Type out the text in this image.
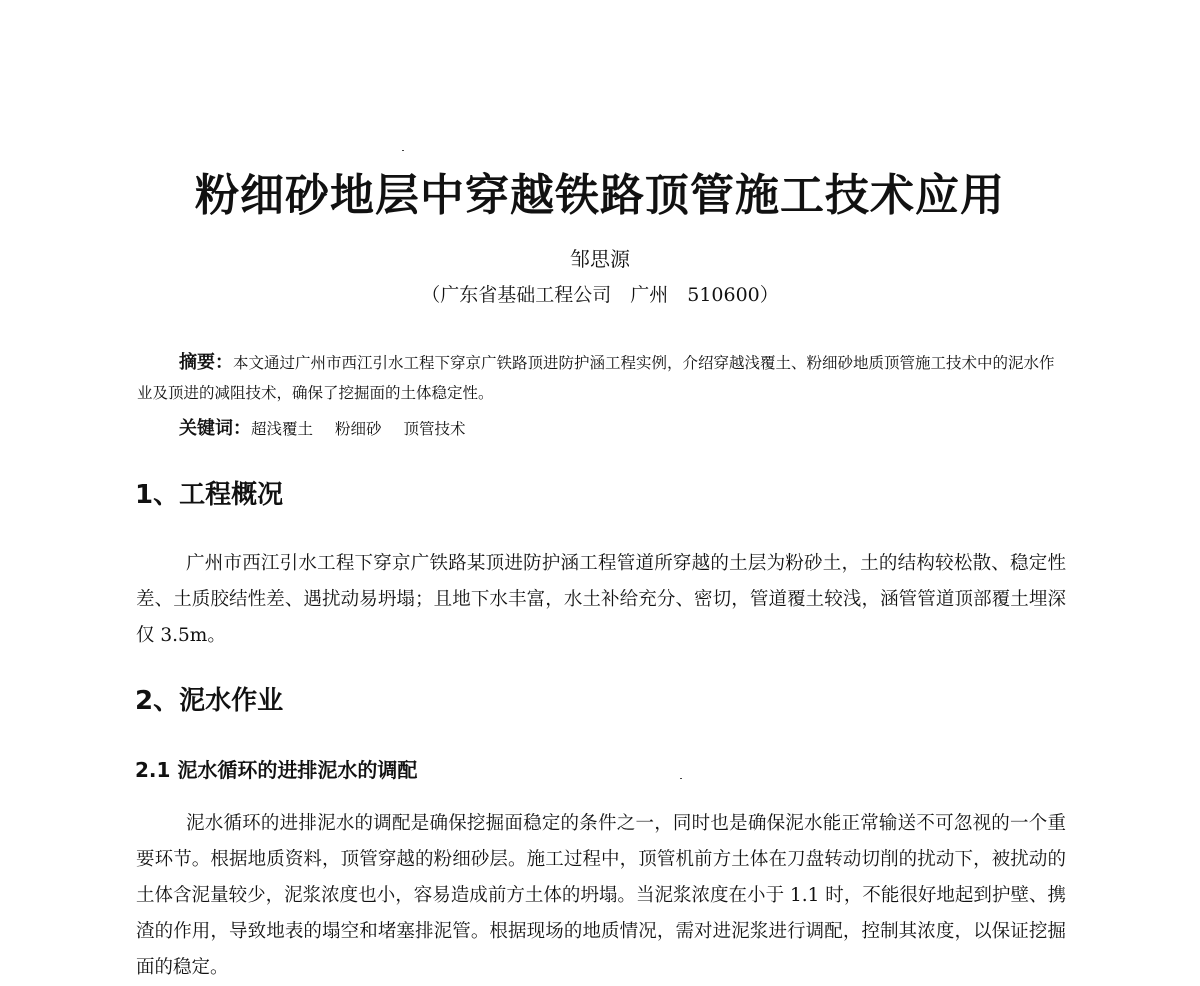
粉细砂地层中穿越铁路顶管施工技术应用
邹思源
（广东省基础工程公司　广州　510600）

摘要：本文通过广州市西江引水工程下穿京广铁路顶进防护涵工程实例，介绍穿越浅覆土、粉细砂地质顶管施工技术中的泥水作业及顶进的减阻技术，确保了挖掘面的土体稳定性。

关键词：超浅覆土 粉细砂 顶管技术

1、工程概况

广州市西江引水工程下穿京广铁路某顶进防护涵工程管道所穿越的土层为粉砂土，土的结构较松散、稳定性差、土质胶结性差、遇扰动易坍塌；且地下水丰富，水土补给充分、密切，管道覆土较浅，涵管管道顶部覆土埋深仅 3.5m。

2、泥水作业
2.1 泥水循环的进排泥水的调配

泥水循环的进排泥水的调配是确保挖掘面稳定的条件之一，同时也是确保泥水能正常输送不可忽视的一个重要环节。根据地质资料，顶管穿越的粉细砂层。施工过程中，顶管机前方土体在刀盘转动切削的扰动下，被扰动的土体含泥量较少，泥浆浓度也小，容易造成前方土体的坍塌。当泥浆浓度在小于 1.1 时，不能很好地起到护壁、携渣的作用，导致地表的塌空和堵塞排泥管。根据现场的地质情况，需对进泥浆进行调配，控制其浓度，以保证挖掘面的稳定。
